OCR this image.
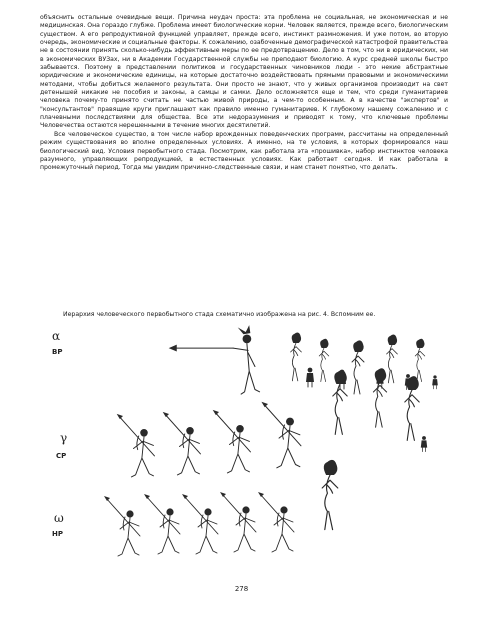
объяснить остальные очевидные вещи. Причина неудач проста: эта проблема не социальная, не экономическая и не медицинская. Она гораздо глубже. Проблема имеет биологические корни. Человек является, прежде всего, биологическим существом. А его репродуктивной функцией управляет, прежде всего, инстинкт размножения. И уже потом, во вторую очередь, экономические и социальные факторы. К сожалению, озабоченные демографической катастрофой правительства не в состоянии принять сколько-нибудь эффективные меры по ее предотвращению. Дело в том, что ни в юридических, ни в экономических ВУЗах, ни в Академии Государственной службы не преподают биологию. А курс средней школы быстро забывается. Поэтому в представлении политиков и государственных чиновников люди - это некие абстрактные юридические и экономические единицы, на которые достаточно воздействовать прямыми правовыми и экономическими методами, чтобы добиться желаемого результата. Они просто не знают, что у живых организмов производит на свет детенышей никакие не пособия и законы, а самцы и самки. Дело осложняется еще и тем, что среди гуманитариев человека почему-то принято считать не частью живой природы, а чем-то особенным. А в качестве "экспертов" и "консультантов" правящие круги приглашают как правило именно гуманитариев. К глубокому нашему сожалению и с плачевными последствиями для общества. Все эти недоразумения и приводят к тому, что ключевые проблемы Человечества остаются нерешенными в течение многих десятилетий.

Все человеческое существо, в том числе набор врожденных поведенческих программ, рассчитаны на определенный режим существования во вполне определенных условиях. А именно, на те условия, в которых формировался наш биологический вид. Условия первобытного стада. Посмотрим, как работала эта «прошивка», набор инстинктов человека разумного, управляющих репродукцией, в естественных условиях. Как работает сегодня. И как работала в промежуточный период. Тогда мы увидим причинно-следственные связи, и нам станет понятно, что делать.

Иерархия человеческого первобытного стада схематично изображена на рис. 4. Вспомним ее.
α
ВР
γ
СР
ω
НР
278
